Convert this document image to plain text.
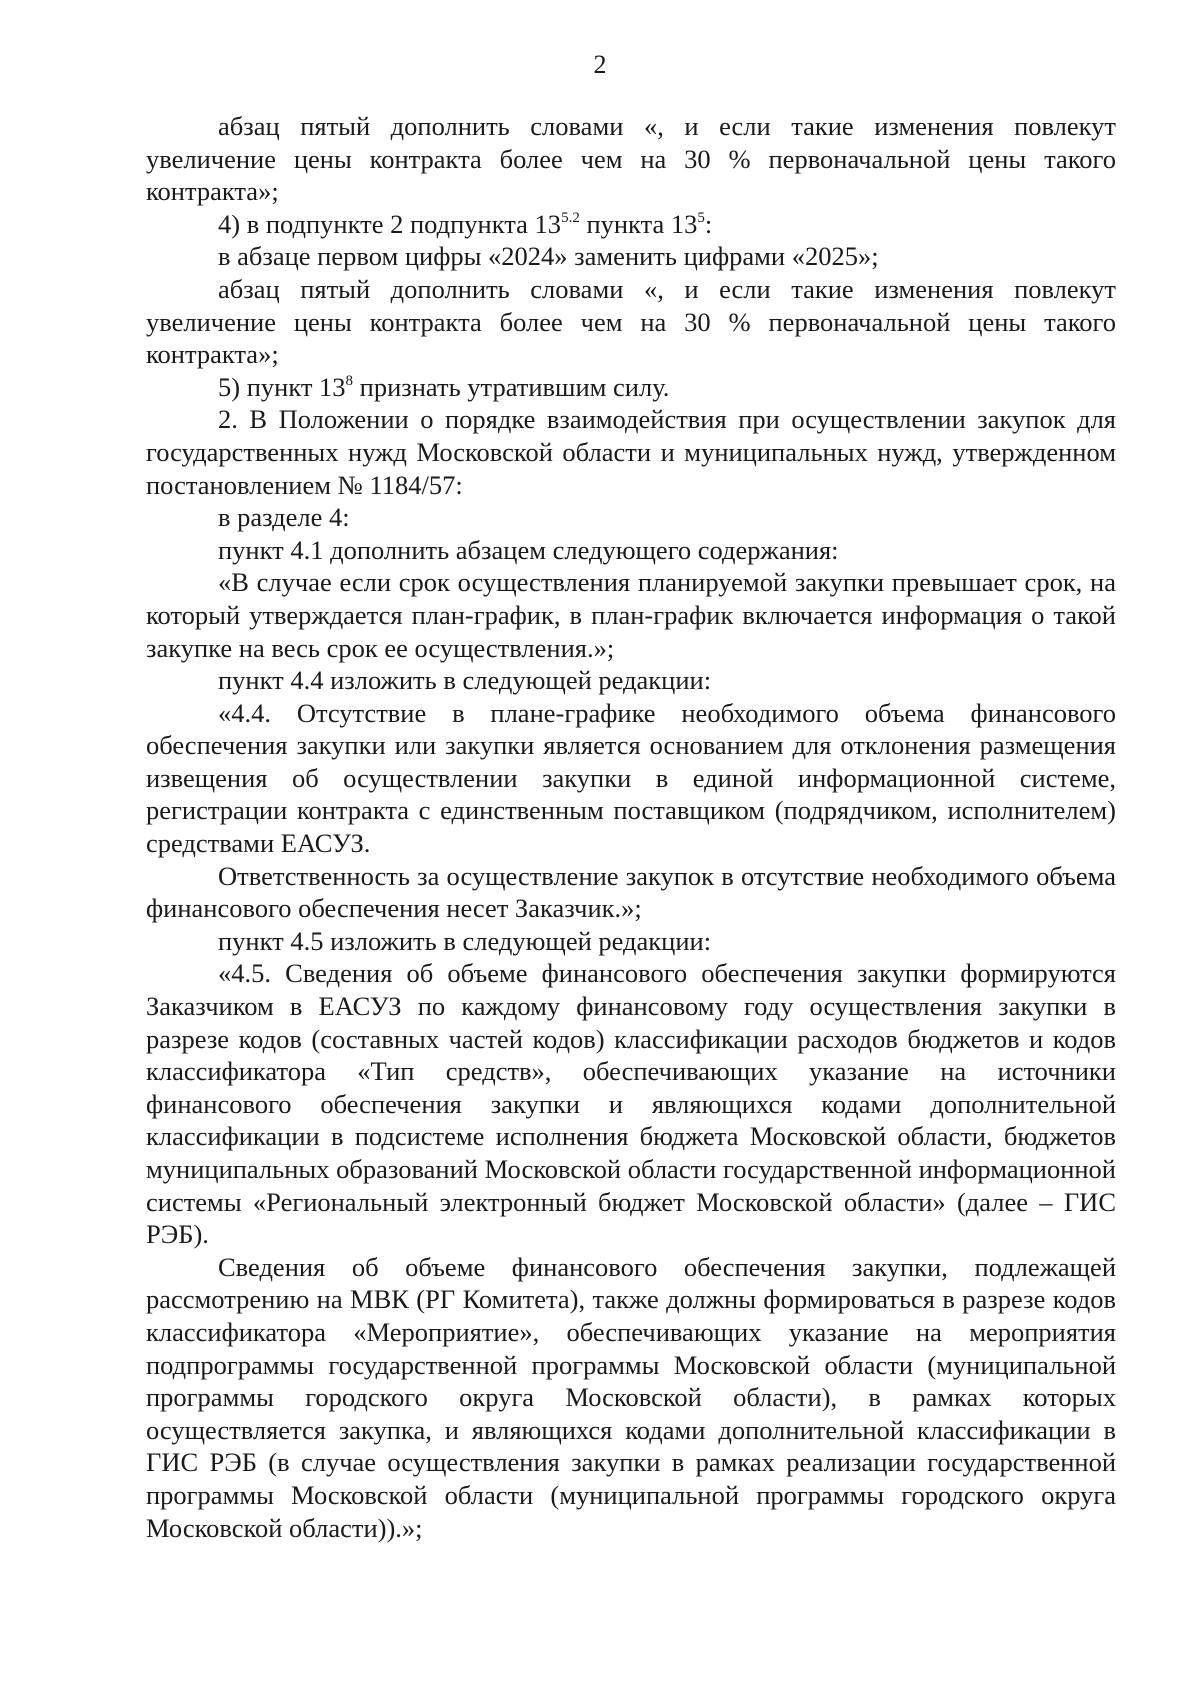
2

абзац пятый дополнить словами «, и если такие изменения повлекут увеличение цены контракта более чем на 30 % первоначальной цены такого контракта»;

4) в подпункте 2 подпункта $13^{5.2}$ пункта $13^5$:

в абзаце первом цифры «2024» заменить цифрами «2025»;

абзац пятый дополнить словами «, и если такие изменения повлекут увеличение цены контракта более чем на 30 % первоначальной цены такого контракта»;

5) пункт $13^8$ признать утратившим силу.

2. В Положении о порядке взаимодействия при осуществлении закупок для государственных нужд Московской области и муниципальных нужд, утвержденном постановлением № 1184/57:

в разделе 4:

пункт 4.1 дополнить абзацем следующего содержания:

«В случае если срок осуществления планируемой закупки превышает срок, на который утверждается план-график, в план-график включается информация о такой закупке на весь срок ее осуществления.»;

пункт 4.4 изложить в следующей редакции:

«4.4. Отсутствие в плане-графике необходимого объема финансового обеспечения закупки или закупки является основанием для отклонения размещения извещения об осуществлении закупки в единой информационной системе, регистрации контракта с единственным поставщиком (подрядчиком, исполнителем) средствами ЕАСУЗ.

Ответственность за осуществление закупок в отсутствие необходимого объема финансового обеспечения несет Заказчик.»;

пункт 4.5 изложить в следующей редакции:

«4.5. Сведения об объеме финансового обеспечения закупки формируются Заказчиком в ЕАСУЗ по каждому финансовому году осуществления закупки в разрезе кодов (составных частей кодов) классификации расходов бюджетов и кодов классификатора «Тип средств», обеспечивающих указание на источники финансового обеспечения закупки и являющихся кодами дополнительной классификации в подсистеме исполнения бюджета Московской области, бюджетов муниципальных образований Московской области государственной информационной системы «Региональный электронный бюджет Московской области» (далее – ГИС РЭБ).

Сведения об объеме финансового обеспечения закупки, подлежащей рассмотрению на МВК (РГ Комитета), также должны формироваться в разрезе кодов классификатора «Мероприятие», обеспечивающих указание на мероприятия подпрограммы государственной программы Московской области (муниципальной программы городского округа Московской области), в рамках которых осуществляется закупка, и являющихся кодами дополнительной классификации в ГИС РЭБ (в случае осуществления закупки в рамках реализации государственной программы Московской области (муниципальной программы городского округа Московской области)).»;
